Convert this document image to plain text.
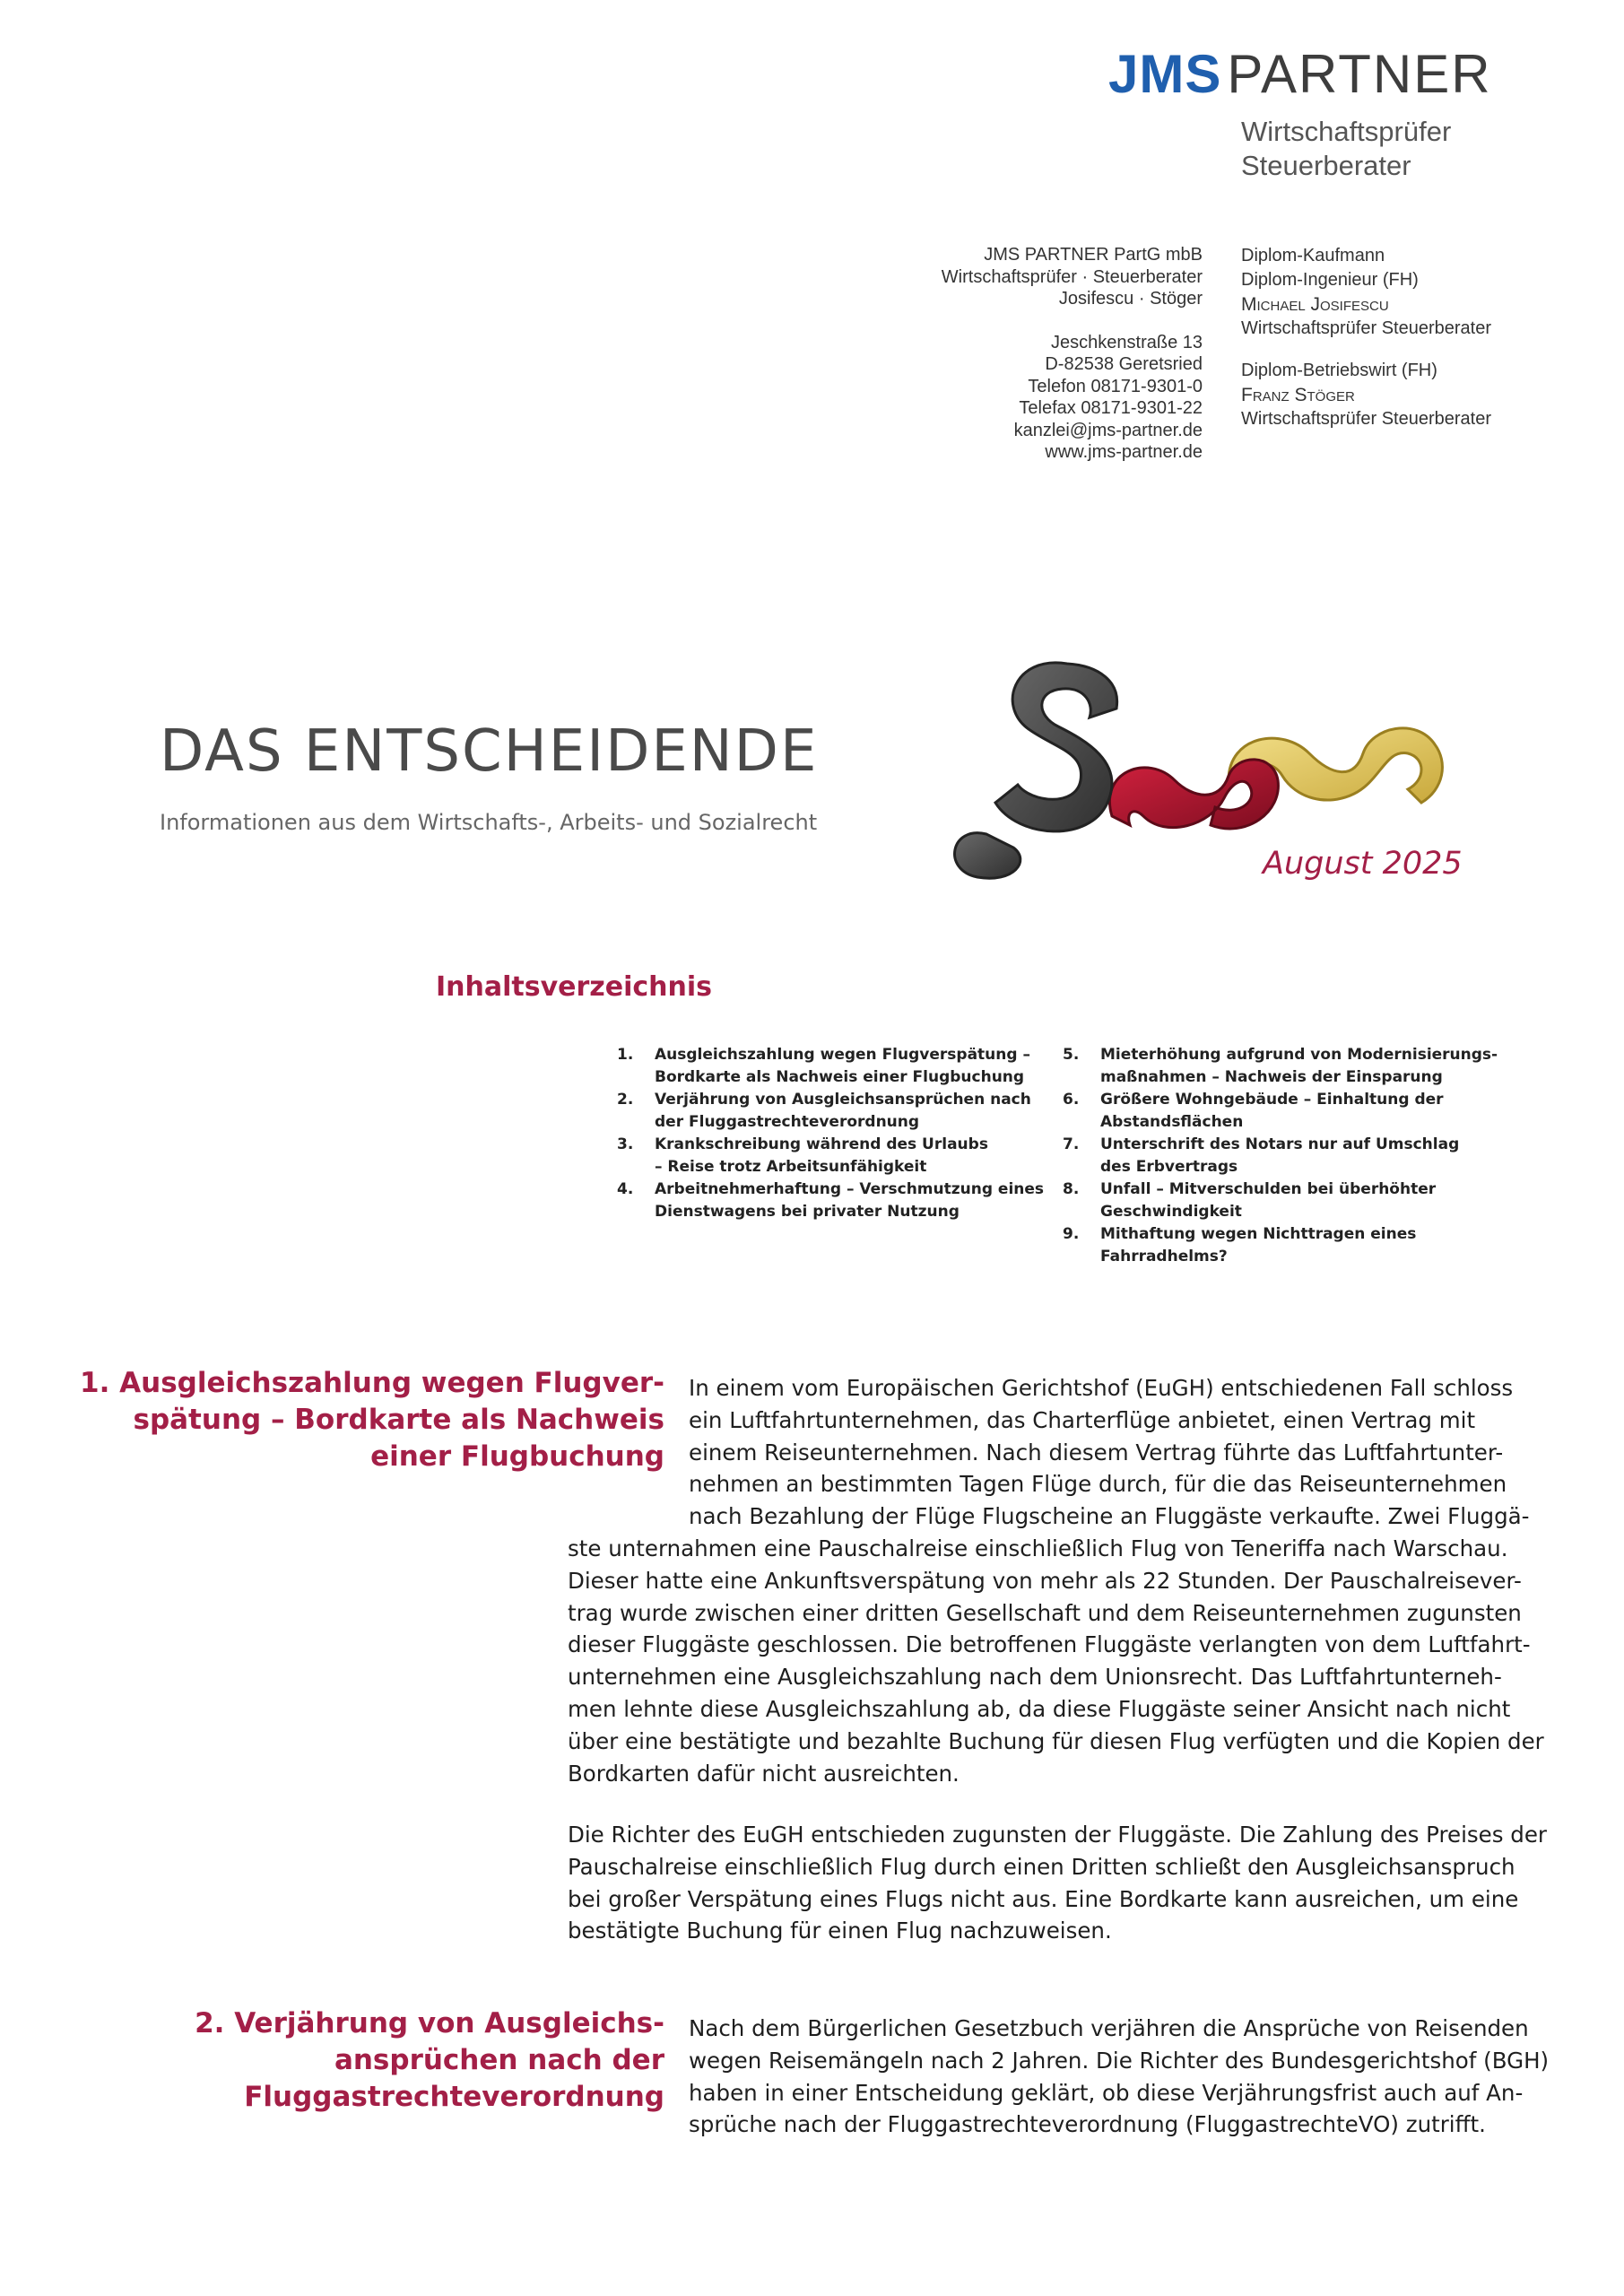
JMS PARTNER
Wirtschaftsprüfer
Steuerberater
JMS PARTNER PartG mbB
Wirtschaftsprüfer · Steuerberater
Josifescu · Stöger
Jeschkenstraße 13
D-82538 Geretsried
Telefon 08171-9301-0
Telefax 08171-9301-22
kanzlei@jms-partner.de
www.jms-partner.de
Diplom-Kaufmann
Diplom-Ingenieur (FH)
Michael Josifescu
Wirtschaftsprüfer Steuerberater
Diplom-Betriebswirt (FH)
Franz Stöger
Wirtschaftsprüfer Steuerberater
DAS ENTSCHEIDENDE
Informationen aus dem Wirtschafts-, Arbeits- und Sozialrecht
August 2025
Inhaltsverzeichnis
1.	Ausgleichszahlung wegen Flugverspätung –
Bordkarte als Nachweis einer Flugbuchung
2.	Verjährung von Ausgleichsansprüchen nach
der Fluggastrechteverordnung
3.	Krankschreibung während des Urlaubs
– Reise trotz Arbeitsunfähigkeit
4.	Arbeitnehmerhaftung – Verschmutzung eines
Dienstwagens bei privater Nutzung
5.	Mieterhöhung aufgrund von Modernisierungs-
maßnahmen – Nachweis der Einsparung
6.	Größere Wohngebäude – Einhaltung der
Abstandsflächen
7.	Unterschrift des Notars nur auf Umschlag
des Erbvertrags
8.	Unfall – Mitverschulden bei überhöhter
Geschwindigkeit
9.	Mithaftung wegen Nichttragen eines
Fahrradhelms?
1. Ausgleichszahlung wegen Flugver-
spätung – Bordkarte als Nachweis
einer Flugbuchung
In einem vom Europäischen Gerichtshof (EuGH) entschiedenen Fall schloss
ein Luftfahrtunternehmen, das Charterflüge anbietet, einen Vertrag mit
einem Reiseunternehmen. Nach diesem Vertrag führte das Luftfahrtunter-
nehmen an bestimmten Tagen Flüge durch, für die das Reiseunternehmen
nach Bezahlung der Flüge Flugscheine an Fluggäste verkaufte. Zwei Fluggä-
ste unternahmen eine Pauschalreise einschließlich Flug von Teneriffa nach Warschau.
Dieser hatte eine Ankunftsverspätung von mehr als 22 Stunden. Der Pauschalreisever-
trag wurde zwischen einer dritten Gesellschaft und dem Reiseunternehmen zugunsten
dieser Fluggäste geschlossen. Die betroffenen Fluggäste verlangten von dem Luftfahrt-
unternehmen eine Ausgleichszahlung nach dem Unionsrecht. Das Luftfahrtunterneh-
men lehnte diese Ausgleichszahlung ab, da diese Fluggäste seiner Ansicht nach nicht
über eine bestätigte und bezahlte Buchung für diesen Flug verfügten und die Kopien der
Bordkarten dafür nicht ausreichten.
Die Richter des EuGH entschieden zugunsten der Fluggäste. Die Zahlung des Preises der
Pauschalreise einschließlich Flug durch einen Dritten schließt den Ausgleichsanspruch
bei großer Verspätung eines Flugs nicht aus. Eine Bordkarte kann ausreichen, um eine
bestätigte Buchung für einen Flug nachzuweisen.
2. Verjährung von Ausgleichs-
ansprüchen nach der
Fluggastrechteverordnung
Nach dem Bürgerlichen Gesetzbuch verjähren die Ansprüche von Reisenden
wegen Reisemängeln nach 2 Jahren. Die Richter des Bundesgerichtshof (BGH)
haben in einer Entscheidung geklärt, ob diese Verjährungsfrist auch auf An-
sprüche nach der Fluggastrechteverordnung (FluggastrechteVO) zutrifft.
